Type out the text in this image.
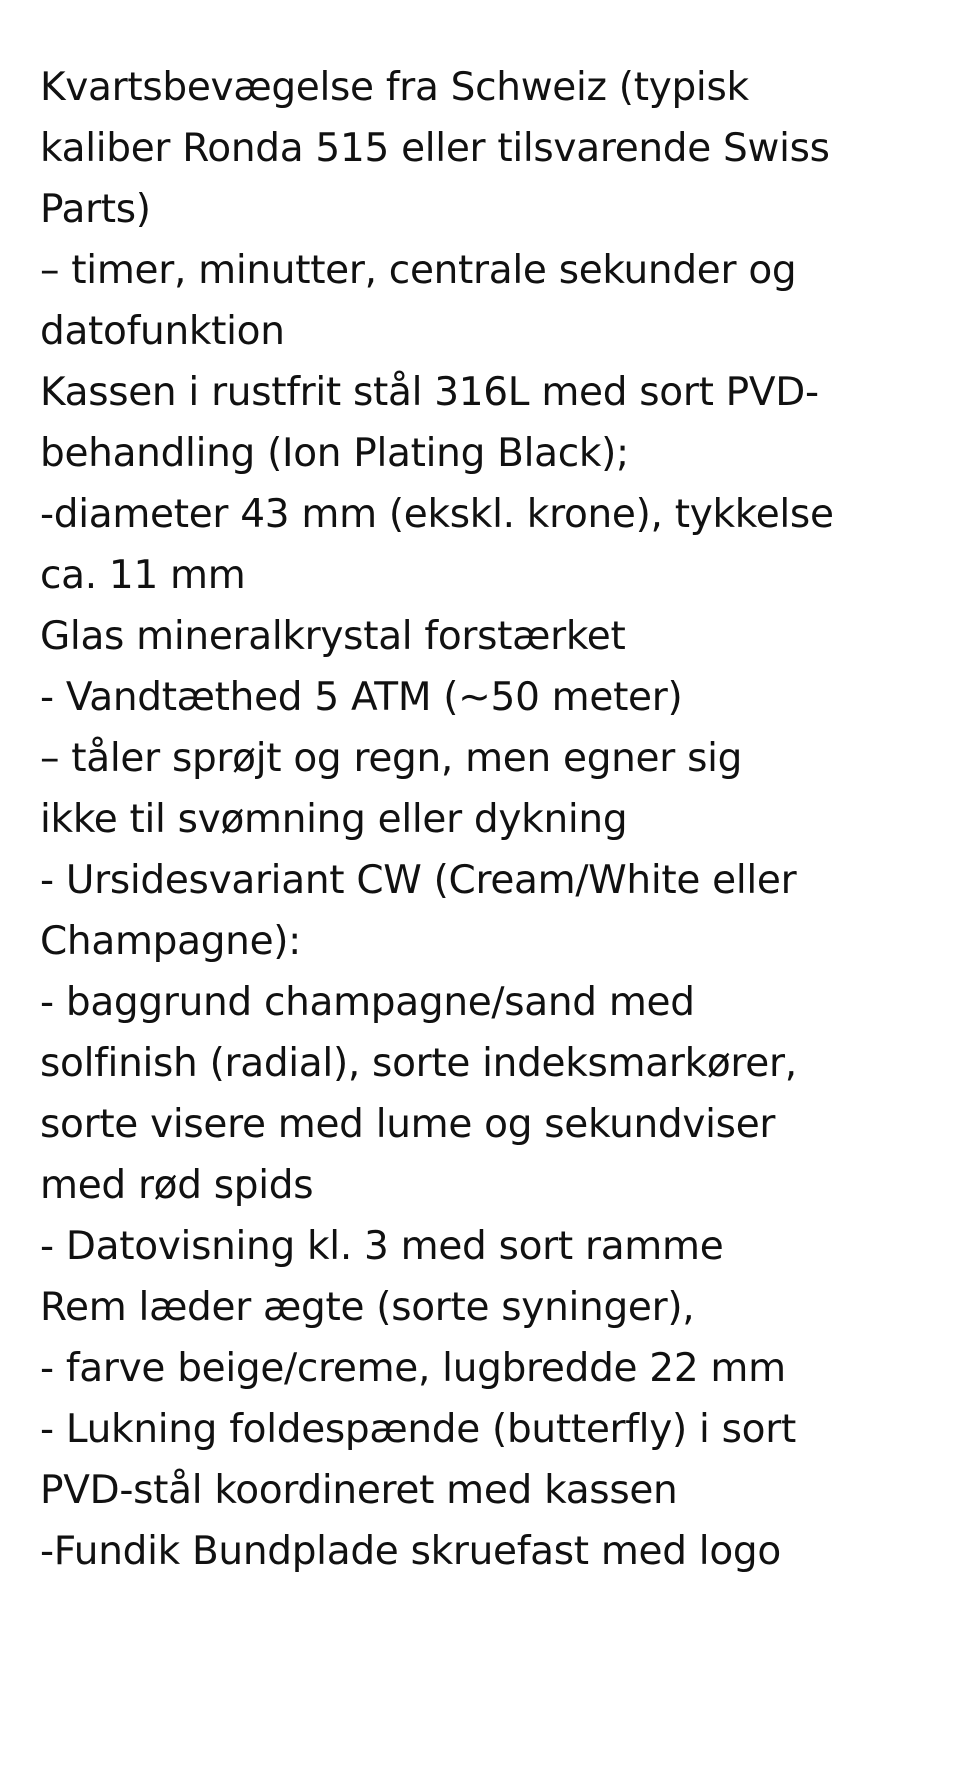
Kvartsbevægelse fra Schweiz (typisk
kaliber Ronda 515 eller tilsvarende Swiss
Parts)
– timer, minutter, centrale sekunder og
datofunktion
Kassen i rustfrit stål 316L med sort PVD-
behandling (Ion Plating Black);
-diameter 43 mm (ekskl. krone), tykkelse
ca. 11 mm
Glas mineralkrystal forstærket
- Vandtæthed 5 ATM (~50 meter)
– tåler sprøjt og regn, men egner sig
ikke til svømning eller dykning
- Ursidesvariant CW (Cream/White eller
Champagne):
- baggrund champagne/sand med
solfinish (radial), sorte indeksmarkører,
sorte visere med lume og sekundviser
med rød spids
- Datovisning kl. 3 med sort ramme
Rem læder ægte (sorte syninger),
- farve beige/creme, lugbredde 22 mm
- Lukning foldespænde (butterfly) i sort
PVD-stål koordineret med kassen
-Fundik Bundplade skruefast med logo
